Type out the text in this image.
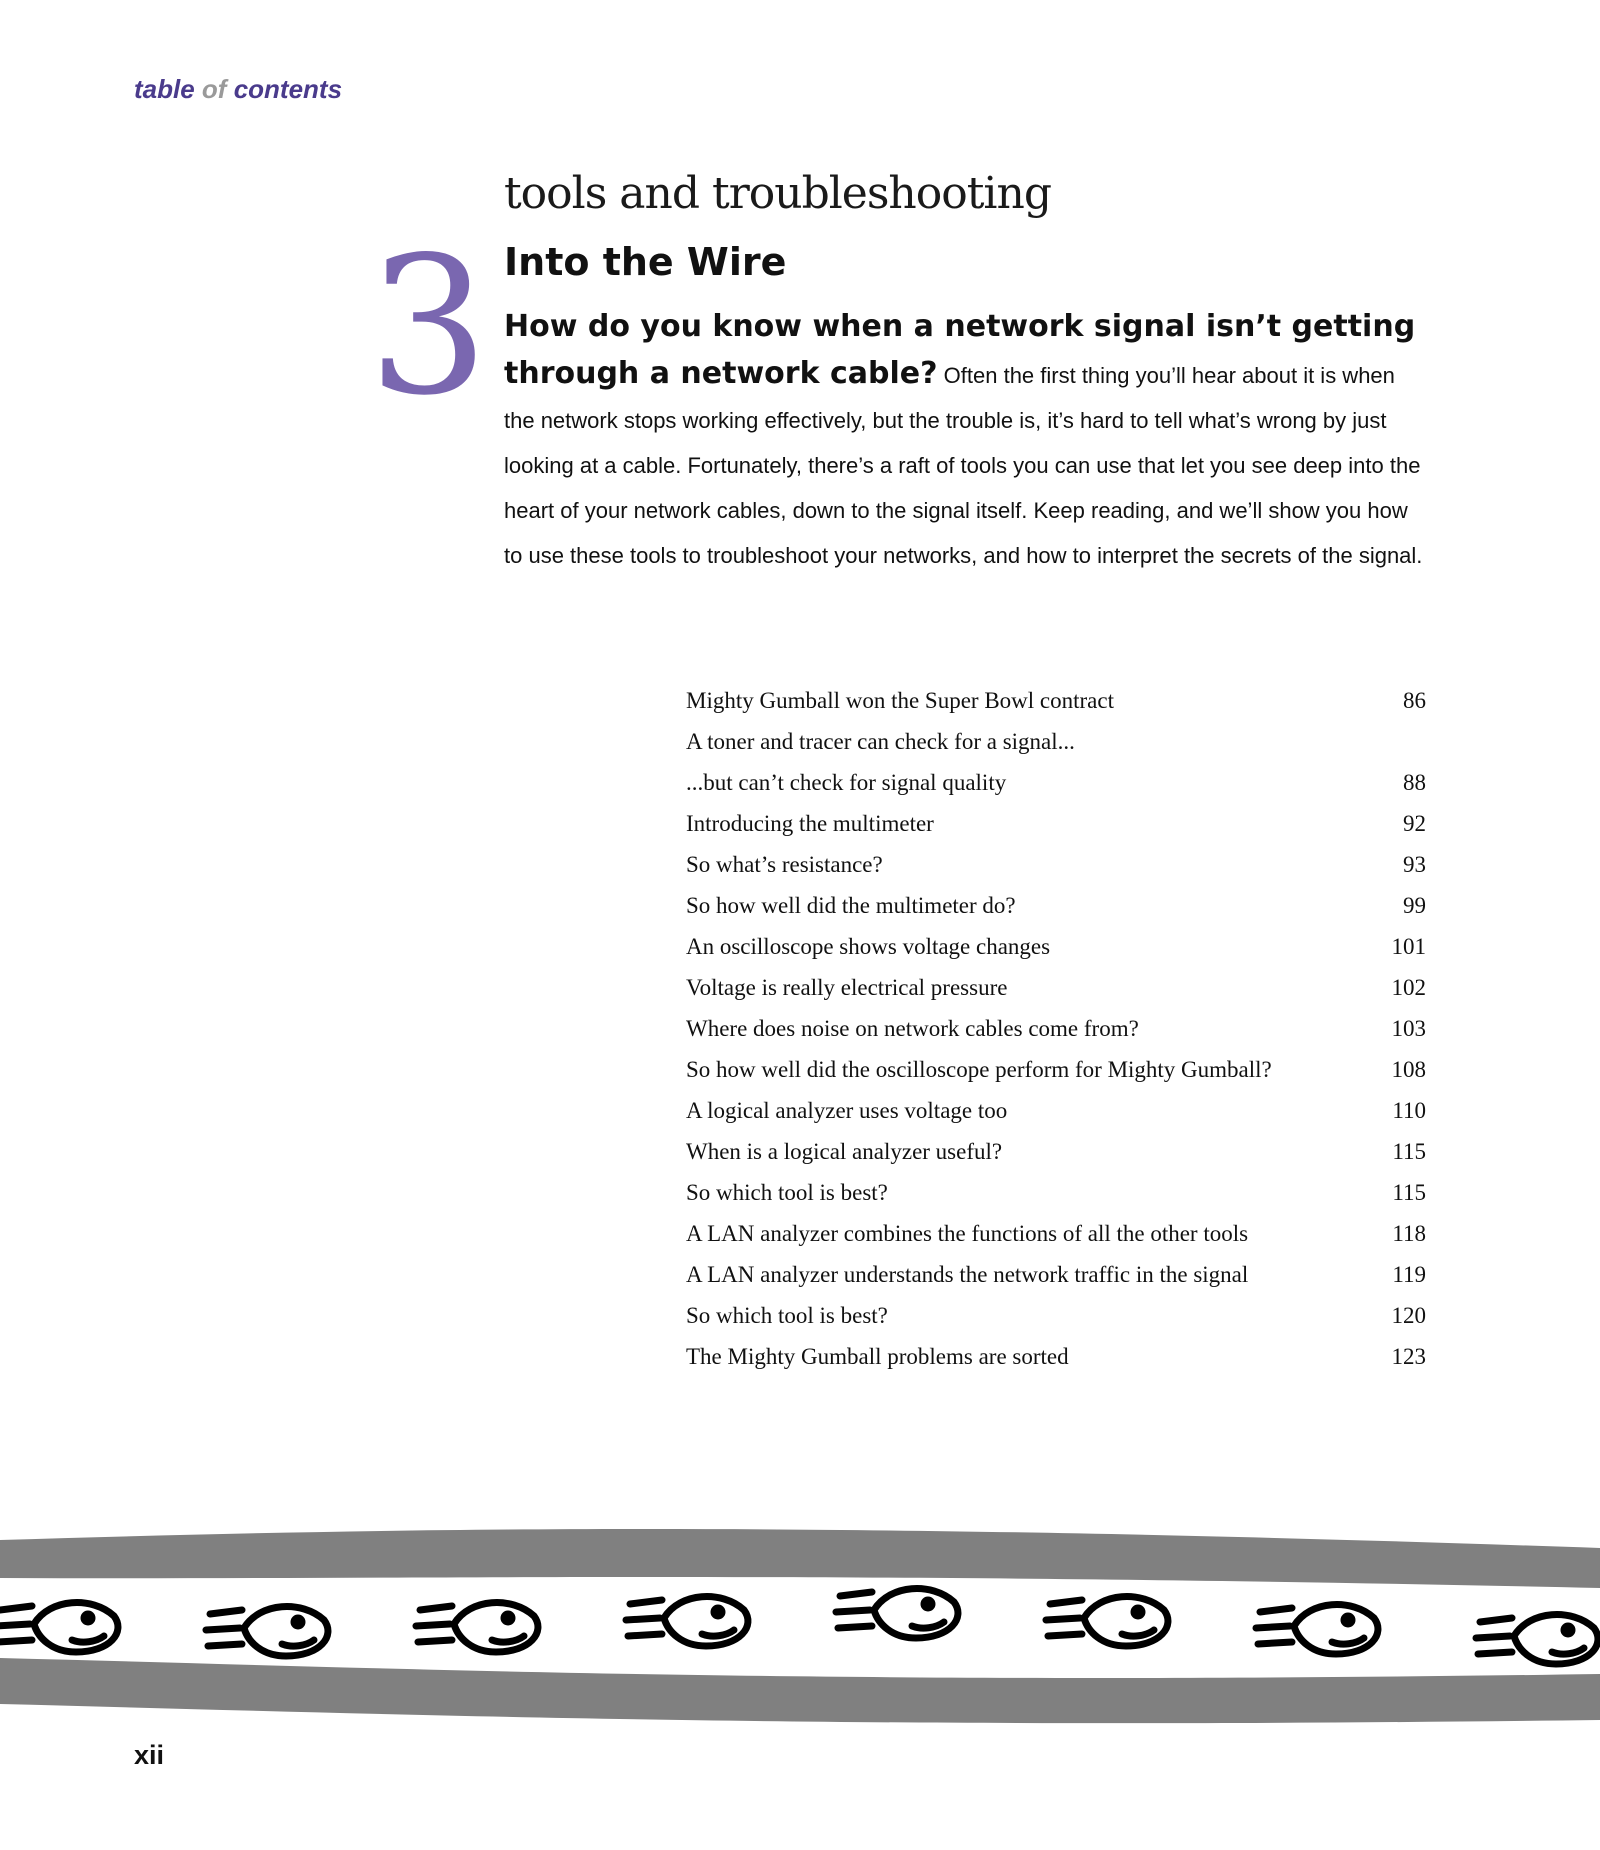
table of contents
3
tools and troubleshooting
Into the Wire
How do you know when a network signal isn’t getting through a network cable? Often the first thing you’ll hear about it is when the network stops working effectively, but the trouble is, it’s hard to tell what’s wrong by just looking at a cable. Fortunately, there’s a raft of tools you can use that let you see deep into the heart of your network cables, down to the signal itself. Keep reading, and we’ll show you how to use these tools to troubleshoot your networks, and how to interpret the secrets of the signal.
Mighty Gumball won the Super Bowl contract	86
A toner and tracer can check for a signal...
...but can’t check for signal quality	88
Introducing the multimeter	92
So what’s resistance?	93
So how well did the multimeter do?	99
An oscilloscope shows voltage changes	101
Voltage is really electrical pressure	102
Where does noise on network cables come from?	103
So how well did the oscilloscope perform for Mighty Gumball?	108
A logical analyzer uses voltage too	110
When is a logical analyzer useful?	115
So which tool is best?	115
A LAN analyzer combines the functions of all the other tools	118
A LAN analyzer understands the network traffic in the signal	119
So which tool is best?	120
The Mighty Gumball problems are sorted	123
xii
